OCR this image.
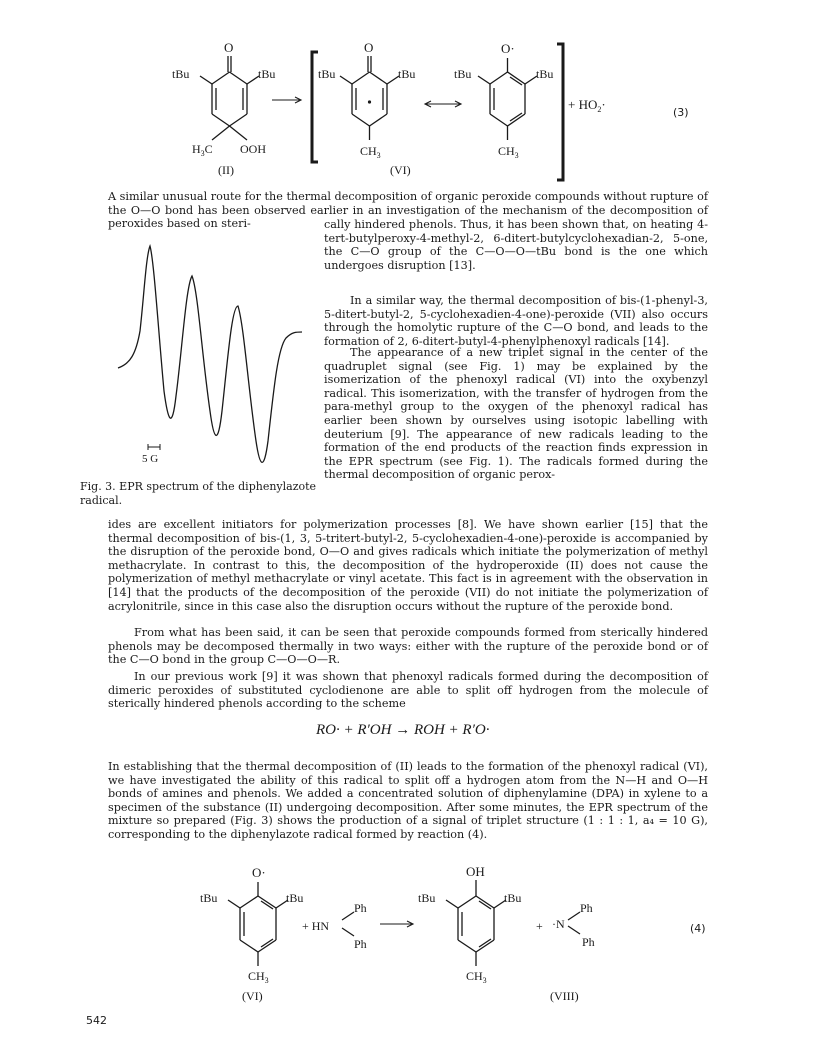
O
tBu	tBu
$H_3C$ OOH
(II)
O
tBu	tBu
$CH_3$
O·
tBu	tBu
$CH_3$
+ $HO_2\cdot$
(VI)
(3)

A similar unusual route for the thermal decomposition of organic peroxide compounds without rupture of the O—O bond has been observed earlier in an investigation of the mechanism of the decomposition of peroxides based on steri-	cally hindered phenols. Thus, it has been shown that, on heating 4-tert-butylperoxy-4-methyl-2, 6-ditert-butylcyclohexadian-2, 5-one, the C—O group of the C—O—O—tBu bond is the one which undergoes disruption [13].

5 G

Fig. 3. EPR spectrum of the diphenylazote radical.

In a similar way, the thermal decomposition of bis-(1-phenyl-3, 5-ditert-butyl-2, 5-cyclohexadien-4-one)-peroxide (VII) also occurs through the homolytic rupture of the C—O bond, and leads to the formation of 2, 6-ditert-butyl-4-phenylphenoxyl radicals [14].

The appearance of a new triplet signal in the center of the quadruplet signal (see Fig. 1) may be explained by the isomerization of the phenoxyl radical (VI) into the oxybenzyl radical. This isomerization, with the transfer of hydrogen from the para-methyl group to the oxygen of the phenoxyl radical has earlier been shown by ourselves using isotopic labelling with deuterium [9]. The appearance of new radicals leading to the formation of the end products of the reaction finds expression in the EPR spectrum (see Fig. 1). The radicals formed during the thermal decomposition of organic perox-

ides are excellent initiators for polymerization processes [8]. We have shown earlier [15] that the thermal decomposition of bis-(1, 3, 5-tritert-butyl-2, 5-cyclohexadien-4-one)-peroxide is accompanied by the disruption of the peroxide bond, O—O and gives radicals which initiate the polymerization of methyl methacrylate. In contrast to this, the decomposition of the hydroperoxide (II) does not cause the polymerization of methyl methacrylate or vinyl acetate. This fact is in agreement with the observation in [14] that the products of the decomposition of the peroxide (VII) do not initiate the polymerization of acrylonitrile, since in this case also the disruption occurs without the rupture of the peroxide bond.

From what has been said, it can be seen that peroxide compounds formed from sterically hindered phenols may be decomposed thermally in two ways: either with the rupture of the peroxide bond or of the C—O bond in the group C—O—O—R.

In our previous work [9] it was shown that phenoxyl radicals formed during the decomposition of dimeric peroxides of substituted cyclodienone are able to split off hydrogen from the molecule of sterically hindered phenols according to the scheme

RO· + R′OH → ROH + R′O·

In establishing that the thermal decomposition of (II) leads to the formation of the phenoxyl radical (VI), we have investigated the ability of this radical to split off a hydrogen atom from the N—H and O—H bonds of amines and phenols. We added a concentrated solution of diphenylamine (DPA) in xylene to a specimen of the substance (II) undergoing decomposition. After some minutes, the EPR spectrum of the mixture so prepared (Fig. 3) shows the production of a signal of triplet structure (1 : 1 : 1, a₄ = 10 G), corresponding to the diphenylazote radical formed by reaction (4).

O·
tBu	tBu
$CH_3$
(VI)
+ HN
Ph
Ph
OH
tBu	tBu
$CH_3$
+ ·N
Ph
Ph
(VIII)
(4)
542
